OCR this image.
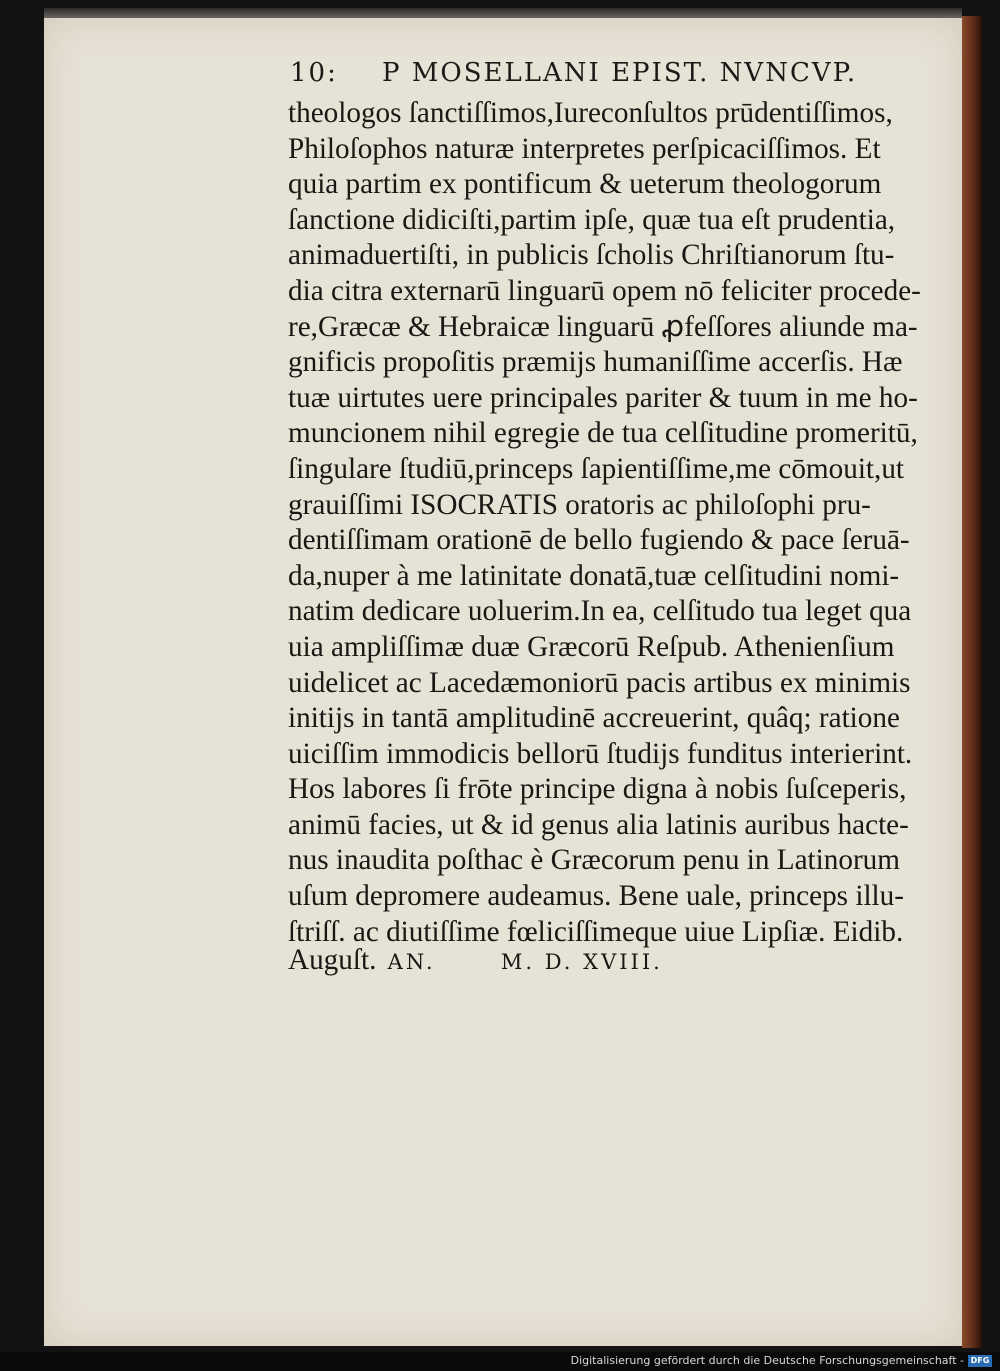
10: P MOSELLANI EPIST. NVNCVP.
theologos ſanctiſſimos,Iureconſultos prūdentiſſimos,
Philoſophos naturæ interpretes perſpicaciſſimos. Et
quia partim ex pontificum & ueterum theologorum
ſanctione didiciſti,partim ipſe, quæ tua eſt prudentia,
animaduertiſti, in publicis ſcholis Chriſtianorum ſtu-
dia citra externarū linguarū opem nō feliciter procede-
re,Græcæ & Hebraicæ linguarū ꝓfeſſores aliunde ma-
gnificis propoſitis præmijs humaniſſime accerſis. Hæ
tuæ uirtutes uere principales pariter & tuum in me ho-
muncionem nihil egregie de tua celſitudine promeritū,
ſingulare ſtudiū,princeps ſapientiſſime,me cōmouit,ut
grauiſſimi ISOCRATIS oratoris ac philoſophi pru-
dentiſſimam orationē de bello fugiendo & pace ſeruā-
da,nuper à me latinitate donatā,tuæ celſitudini nomi-
natim dedicare uoluerim.In ea, celſitudo tua leget qua
uia ampliſſimæ duæ Græcorū Reſpub. Athenienſium
uidelicet ac Lacedæmoniorū pacis artibus ex minimis
initijs in tantā amplitudinē accreuerint, quâq; ratione
uiciſſim immodicis bellorū ſtudijs funditus interierint.
Hos labores ſi frōte principe digna à nobis ſuſceperis,
animū facies, ut & id genus alia latinis auribus hacte-
nus inaudita poſthac è Græcorum penu in Latinorum
uſum depromere audeamus. Bene uale, princeps illu-
ſtriſſ. ac diutiſſime fœliciſſimeque uiue Lipſiæ. Eidib.
Auguſt. AN.	M. D. XVIII.
Digitalisierung gefördert durch die Deutsche Forschungsgemeinschaft - DFG
